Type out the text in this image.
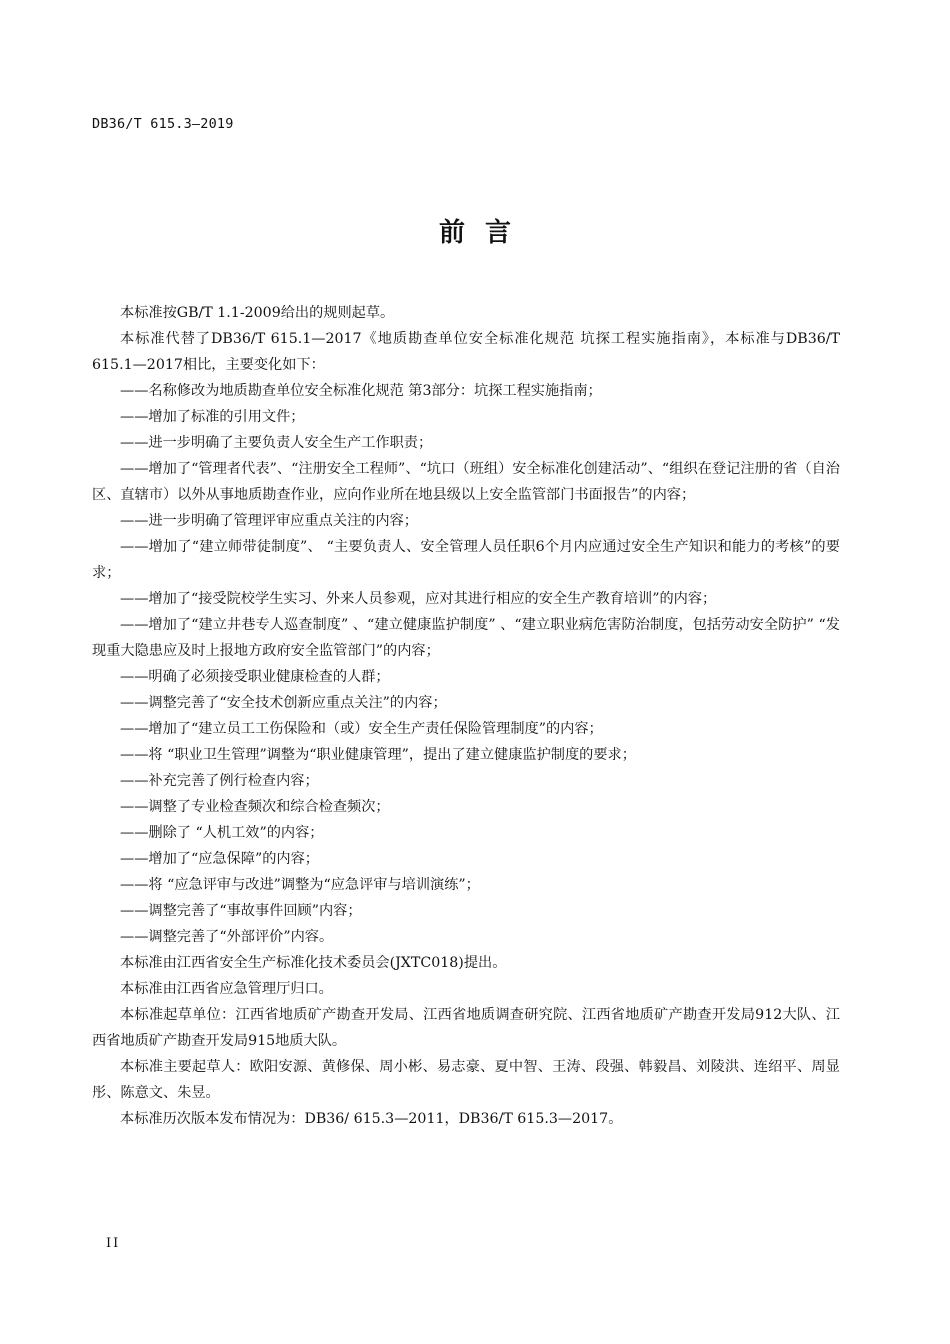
DB36/T 615.3—2019
前言

本标准按GB/T 1.1-2009给出的规则起草。

本标准代替了DB36/T 615.1—2017《地质勘查单位安全标准化规范 坑探工程实施指南》，本标准与DB36/T 615.1—2017相比，主要变化如下：

——名称修改为地质勘查单位安全标准化规范 第3部分：坑探工程实施指南；

——增加了标准的引用文件；

——进一步明确了主要负责人安全生产工作职责；

——增加了“管理者代表”、“注册安全工程师”、“坑口（班组）安全标准化创建活动”、“组织在登记注册的省（自治区、直辖市）以外从事地质勘查作业，应向作业所在地县级以上安全监管部门书面报告”的内容；

——进一步明确了管理评审应重点关注的内容；

——增加了“建立师带徒制度”、 “主要负责人、安全管理人员任职6个月内应通过安全生产知识和能力的考核”的要求；

——增加了“接受院校学生实习、外来人员参观，应对其进行相应的安全生产教育培训”的内容；

——增加了“建立井巷专人巡查制度” 、“建立健康监护制度” 、“建立职业病危害防治制度，包括劳动安全防护” “发现重大隐患应及时上报地方政府安全监管部门”的内容；

——明确了必须接受职业健康检查的人群；

——调整完善了“安全技术创新应重点关注”的内容；

——增加了“建立员工工伤保险和（或）安全生产责任保险管理制度”的内容；

——将 “职业卫生管理”调整为“职业健康管理”，提出了建立健康监护制度的要求；

——补充完善了例行检查内容；

——调整了专业检查频次和综合检查频次；

——删除了 “人机工效”的内容；

——增加了“应急保障”的内容；

——将 “应急评审与改进”调整为“应急评审与培训演练”；

——调整完善了“事故事件回顾”内容；

——调整完善了“外部评价”内容。

本标准由江西省安全生产标准化技术委员会(JXTC018)提出。

本标准由江西省应急管理厅归口。

本标准起草单位：江西省地质矿产勘查开发局、江西省地质调查研究院、江西省地质矿产勘查开发局912大队、江西省地质矿产勘查开发局915地质大队。

本标准主要起草人：欧阳安源、黄修保、周小彬、易志豪、夏中智、王涛、段强、韩毅昌、刘陵洪、连绍平、周显彤、陈意文、朱昱。

本标准历次版本发布情况为：DB36/ 615.3—2011，DB36/T 615.3—2017。

II
